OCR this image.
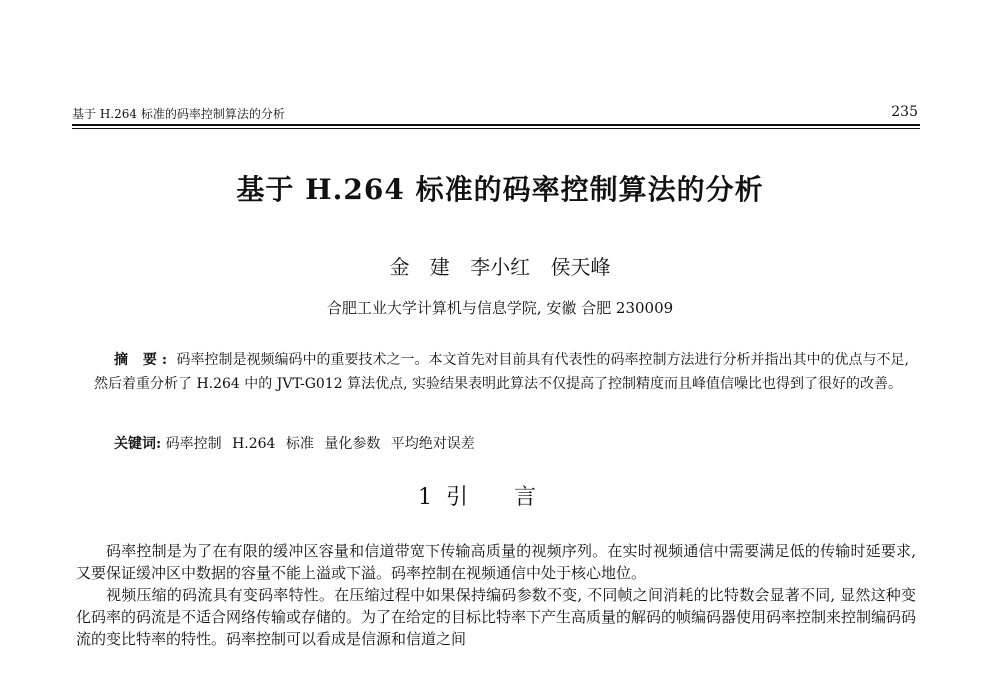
基于 H.264 标准的码率控制算法的分析	235
基于 H.264 标准的码率控制算法的分析
金 建 李小红 侯天峰
合肥工业大学计算机与信息学院, 安徽 合肥 230009

摘 要: 码率控制是视频编码中的重要技术之一。本文首先对目前具有代表性的码率控制方法进行分析并指出其中的优点与不足, 然后着重分析了 H.264 中的 JVT-G012 算法优点, 实验结果表明此算法不仅提高了控制精度而且峰值信噪比也得到了很好的改善。

关键词: 码率控制 H.264 标准 量化参数 平均绝对误差
1 引言

码率控制是为了在有限的缓冲区容量和信道带宽下传输高质量的视频序列。在实时视频通信中需要满足低的传输时延要求, 又要保证缓冲区中数据的容量不能上溢或下溢。码率控制在视频通信中处于核心地位。

视频压缩的码流具有变码率特性。在压缩过程中如果保持编码参数不变, 不同帧之间消耗的比特数会显著不同, 显然这种变化码率的码流是不适合网络传输或存储的。为了在给定的目标比特率下产生高质量的解码的帧编码器使用码率控制来控制编码码流的变比特率的特性。码率控制可以看成是信源和信道之间
